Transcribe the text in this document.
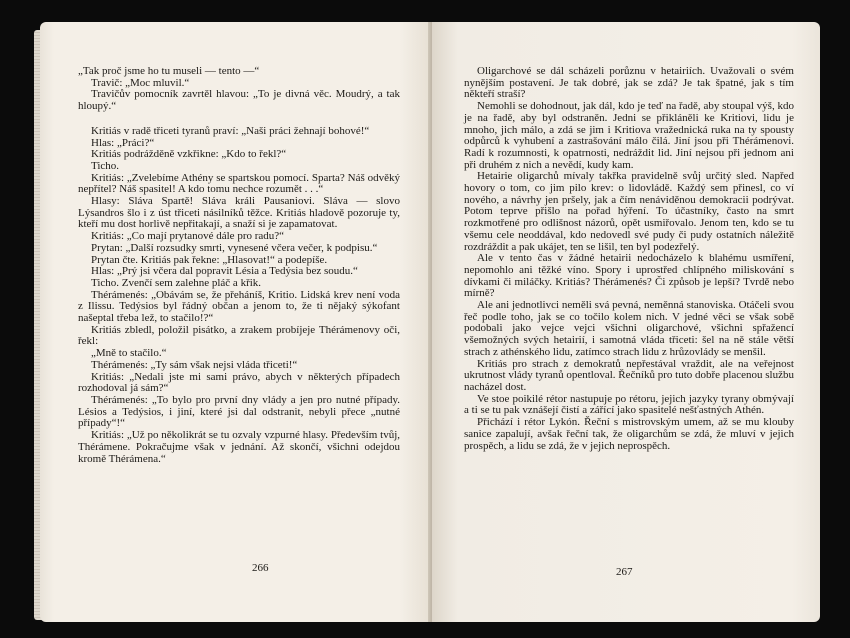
„Tak proč jsme ho tu museli — tento —“

Travič: „Moc mluvil.“

Travičův pomocník zavrtěl hlavou: „To je divná věc. Moudrý, a tak hloupý.“

Kritiás v radě třiceti tyranů praví: „Naši práci žehnají bohové!“

Hlas: „Práci?“

Kritiás podrážděně vzkřikne: „Kdo to řekl?“

Ticho.

Kritiás: „Zvelebíme Athény se spartskou pomocí. Sparta? Náš odvěký nepřítel? Náš spasitel! A kdo tomu nechce rozumět . . .“

Hlasy: Sláva Spartě! Sláva králi Pausaniovi. Sláva — slovo Lýsandros šlo i z úst třiceti násilníků těžce. Kritiás hladově pozoruje ty, kteří mu dost horlivě nepřitakají, a snaží si je zapamatovat.

Kritiás: „Co mají prytanové dále pro radu?“

Prytan: „Další rozsudky smrti, vynesené včera večer, k podpisu.“

Prytan čte. Kritiás pak řekne: „Hlasovat!“ a podepíše.

Hlas: „Prý jsi včera dal popravit Lésia a Tedýsia bez soudu.“

Ticho. Zvenčí sem zalehne pláč a křik.

Thérámenés: „Obávám se, že přeháníš, Kritio. Lidská krev není voda z Ilissu. Tedýsios byl řádný občan a jenom to, že ti nějaký sýkofant našeptal třeba lež, to stačilo!?“

Kritiás zbledl, položil pisátko, a zrakem probíjeje Thérámenovy oči, řekl:

„Mně to stačilo.“

Thérámenés: „Ty sám však nejsi vláda třiceti!“

Kritiás: „Nedali jste mi sami právo, abych v některých případech rozhodoval já sám?“

Thérámenés: „To bylo pro první dny vlády a jen pro nutné případy. Lésios a Tedýsios, i jiní, které jsi dal odstranit, nebyli přece „nutné případy“!“

Kritiás: „Už po několikrát se tu ozvaly vzpurné hlasy. Především tvůj, Thérámene. Pokračujme však v jednání. Až skončí, všichni odejdou kromě Thérámena.“

266

Oligarchové se dál scházeli porůznu v hetairiích. Uvažovali o svém nynějším postavení. Je tak dobré, jak se zdá? Je tak špatné, jak s tím někteří straší?

Nemohli se dohodnout, jak dál, kdo je teď na řadě, aby stoupal výš, kdo je na řadě, aby byl odstraněn. Jedni se přikláněli ke Kritiovi, lidu je mnoho, jich málo, a zdá se jim i Kritiova vražednická ruka na ty spousty odpůrců k vyhubení a zastrašování málo čilá. Jiní jsou při Thérámenovi. Radí k rozumnosti, k opatrnosti, nedráždit lid. Jiní nejsou při jednom ani při druhém z nich a nevědí, kudy kam.

Hetairie oligarchů mívaly takřka pravidelně svůj určitý sled. Napřed hovory o tom, co jim pilo krev: o lidovládě. Každý sem přinesl, co ví nového, a návrhy jen pršely, jak a čím nenáviděnou demokracii podrývat. Potom teprve přišlo na pořad hýření. To účastníky, často na smrt rozkmotřené pro odlišnost názorů, opět usmiřovalo. Jenom ten, kdo se tu všemu cele neoddával, kdo nedovedl své pudy či pudy ostatních náležitě rozdráždit a pak ukájet, ten se lišil, ten byl podezřelý.

Ale v tento čas v žádné hetairii nedocházelo k blahému usmíření, nepomohlo ani těžké víno. Spory i uprostřed chlípného miliskování s dívkami či miláčky. Kritiás? Thérámenés? Či způsob je lepší? Tvrdě nebo mírně?

Ale ani jednotlivci neměli svá pevná, neměnná stanoviska. Otáčeli svou řeč podle toho, jak se co točilo kolem nich. V jedné věci se však sobě podobali jako vejce vejci všichni oligarchové, všichni spřažencí všemožných svých hetairií, i samotná vláda třiceti: šel na ně stále větší strach z athénského lidu, zatímco strach lidu z hrůzovlády se menšil.

Kritiás pro strach z demokratů nepřestával vraždit, ale na veřejnost ukrutnost vlády tyranů opentloval. Řečníků pro tuto dobře placenou službu nacházel dost.

Ve stoe poikilé rétor nastupuje po rétoru, jejich jazyky tyrany obmývají a ti se tu pak vznášejí čistí a zářící jako spasitelé nešťastných Athén.

Přichází i rétor Lykón. Řeční s mistrovským umem, až se mu klouby sanice zapalují, avšak řeční tak, že oligarchům se zdá, že mluví v jejich prospěch, a lidu se zdá, že v jejich neprospěch.

267
